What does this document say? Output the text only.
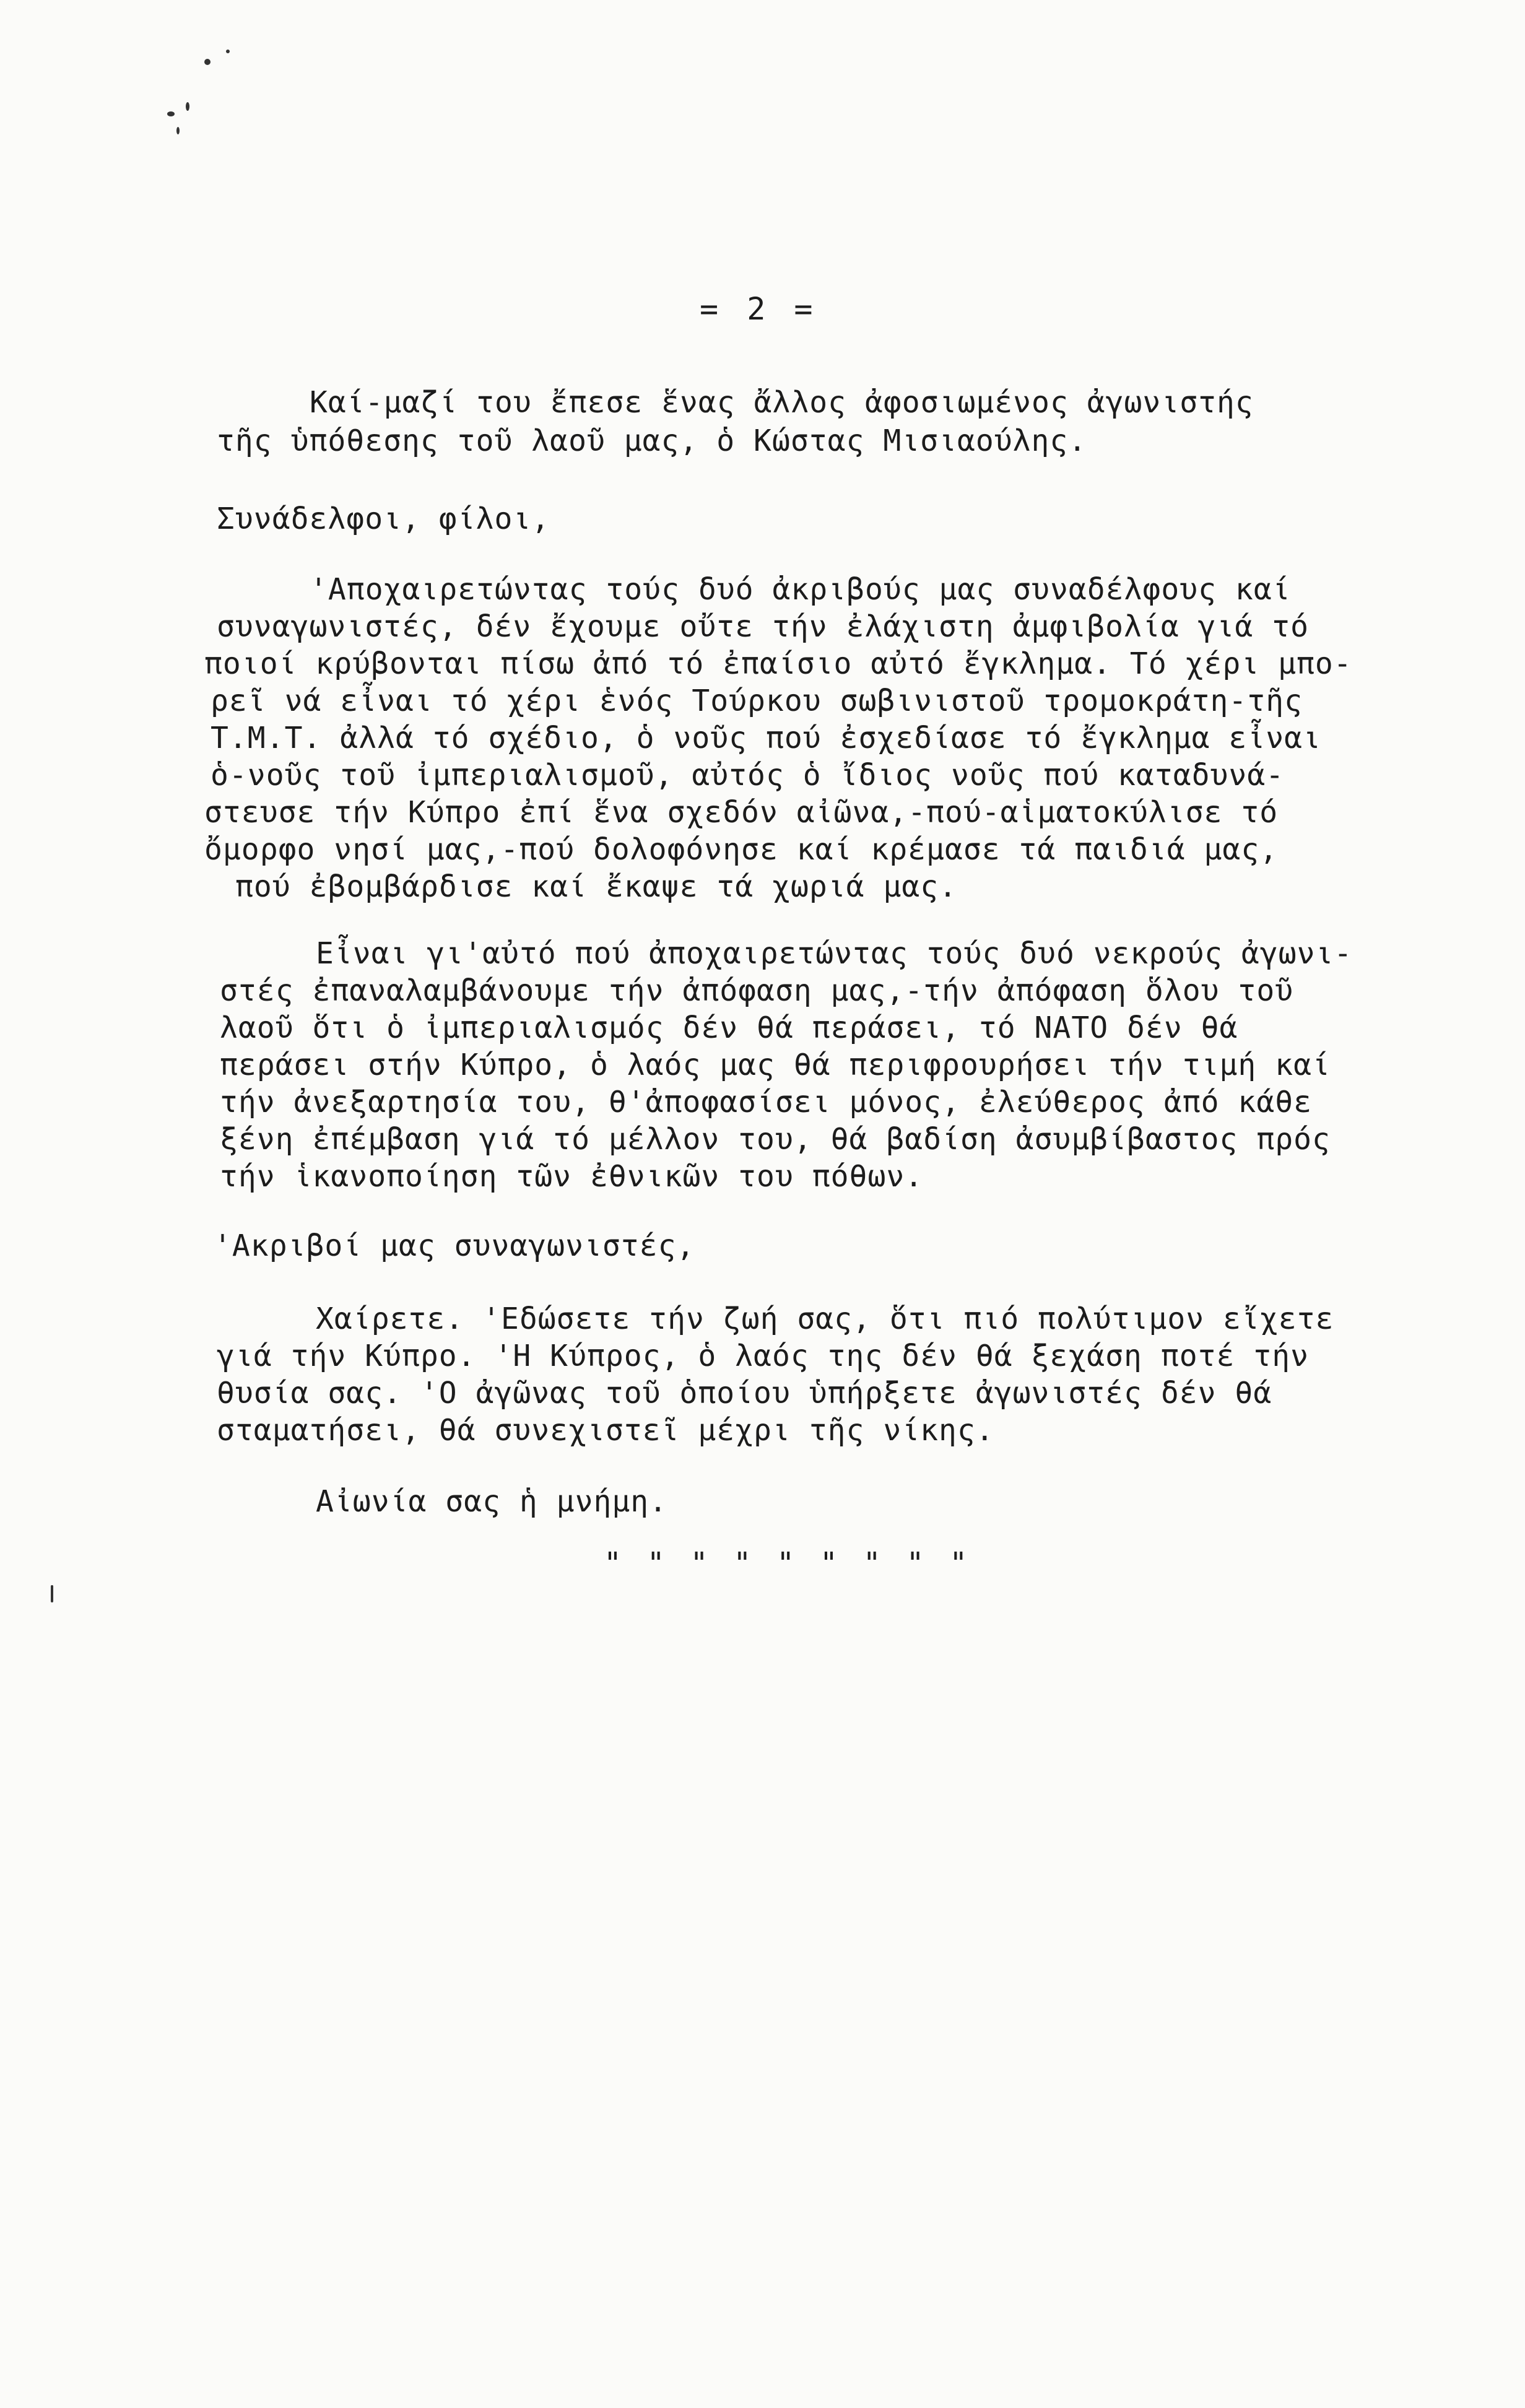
= 2 =
Καί-μαζί του ἔπεσε ἕνας ἄλλος ἀφοσιωμένος ἀγωνιστής
τῆς ὑπόθεσης τοῦ λαοῦ μας, ὁ Κώστας Μισιαούλης.
Συνάδελφοι, φίλοι,
'Αποχαιρετώντας τούς δυό ἀκριβούς μας συναδέλφους καί
συναγωνιστές, δέν ἔχουμε οὔτε τήν ἐλάχιστη ἀμφιβολία γιά τό
ποιοί κρύβονται πίσω ἀπό τό ἐπαίσιο αὐτό ἔγκλημα. Τό χέρι μπο-
ρεῖ νά εἶναι τό χέρι ἑνός Τούρκου σωβινιστοῦ τρομοκράτη-τῆς
Τ.Μ.Τ. ἀλλά τό σχέδιο, ὁ νοῦς πού ἐσχεδίασε τό ἔγκλημα εἶναι
ὁ-νοῦς τοῦ ἰμπεριαλισμοῦ, αὐτός ὁ ἴδιος νοῦς πού καταδυνά-
στευσε τήν Κύπρο ἐπί ἕνα σχεδόν αἰῶνα,-πού-αἱματοκύλισε τό
ὄμορφο νησί μας,-πού δολοφόνησε καί κρέμασε τά παιδιά μας,
πού ἐβομβάρδισε καί ἔκαψε τά χωριά μας.
Εἶναι γι'αὐτό πού ἀποχαιρετώντας τούς δυό νεκρούς ἀγωνι-
στές ἐπαναλαμβάνουμε τήν ἀπόφαση μας,-τήν ἀπόφαση ὅλου τοῦ
λαοῦ ὅτι ὁ ἰμπεριαλισμός δέν θά περάσει, τό ΝΑΤΟ δέν θά
περάσει στήν Κύπρο, ὁ λαός μας θά περιφρουρήσει τήν τιμή καί
τήν ἀνεξαρτησία του, θ'ἀποφασίσει μόνος, ἐλεύθερος ἀπό κάθε
ξένη ἐπέμβαση γιά τό μέλλον του, θά βαδίση ἀσυμβίβαστος πρός
τήν ἱκανοποίηση τῶν ἐθνικῶν του πόθων.
'Ακριβοί μας συναγωνιστές,
Χαίρετε. 'Εδώσετε τήν ζωή σας, ὅτι πιό πολύτιμον εἴχετε
γιά τήν Κύπρο. 'Η Κύπρος, ὁ λαός της δέν θά ξεχάση ποτέ τήν
θυσία σας. 'Ο ἀγῶνας τοῦ ὁποίου ὑπήρξετε ἀγωνιστές δέν θά
σταματήσει, θά συνεχιστεῖ μέχρι τῆς νίκης.
Αἰωνία σας ἡ μνήμη.
" " " " " " " " "
